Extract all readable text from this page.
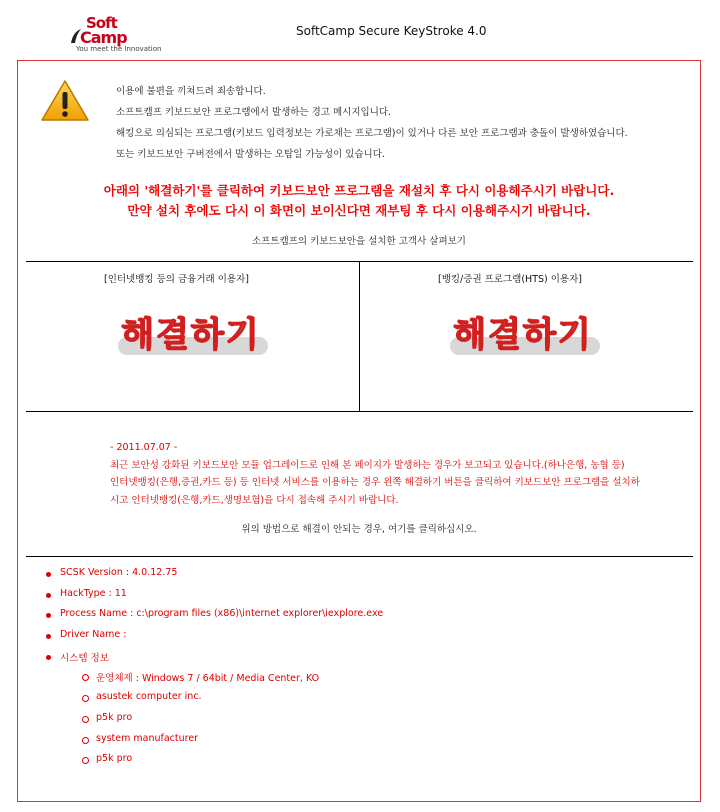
Soft
Camp
You meet the Innovation
SoftCamp Secure KeyStroke 4.0
이용에 불편을 끼쳐드려 죄송합니다.
소프트캠프 키보드보안 프로그램에서 발생하는 경고 메시지입니다.
해킹으로 의심되는 프로그램(키보드 입력정보는 가로채는 프로그램)이 있거나 다른 보안 프로그램과 충돌이 발생하였습니다.
또는 키보드보안 구버전에서 발생하는 오탐일 가능성이 있습니다.
아래의 '해결하기'를 클릭하여 키보드보안 프로그램을 재설치 후 다시 이용해주시기 바랍니다.
만약 설치 후에도 다시 이 화면이 보이신다면 재부팅 후 다시 이용해주시기 바랍니다.
소프트캠프의 키보드보안을 설치한 고객사 살펴보기
[인터넷뱅킹 등의 금융거래 이용자]	[뱅킹/증권 프로그램(HTS) 이용자]
해결하기	해결하기
- 2011.07.07 -
최근 보안성 강화된 키보드보안 모듈 업그레이드로 인해 본 페이지가 발생하는 경우가 보고되고 있습니다.(하나은행, 농협 등)
인터넷뱅킹(은행,증권,카드 등) 등 인터넷 서비스를 이용하는 경우 왼쪽 해결하기 버튼을 클릭하여 키보드보안 프로그램을 설치하
시고 인터넷뱅킹(은행,카드,생명보험)을 다시 접속해 주시기 바랍니다.
위의 방법으로 해결이 안되는 경우, 여기를 클릭하십시오.
SCSK Version : 4.0.12.75
HackType : 11
Process Name : c:\program files (x86)\internet explorer\iexplore.exe
Driver Name :
시스템 정보
운영체제 : Windows 7 / 64bit / Media Center, KO
asustek computer inc.
p5k pro
system manufacturer
p5k pro
